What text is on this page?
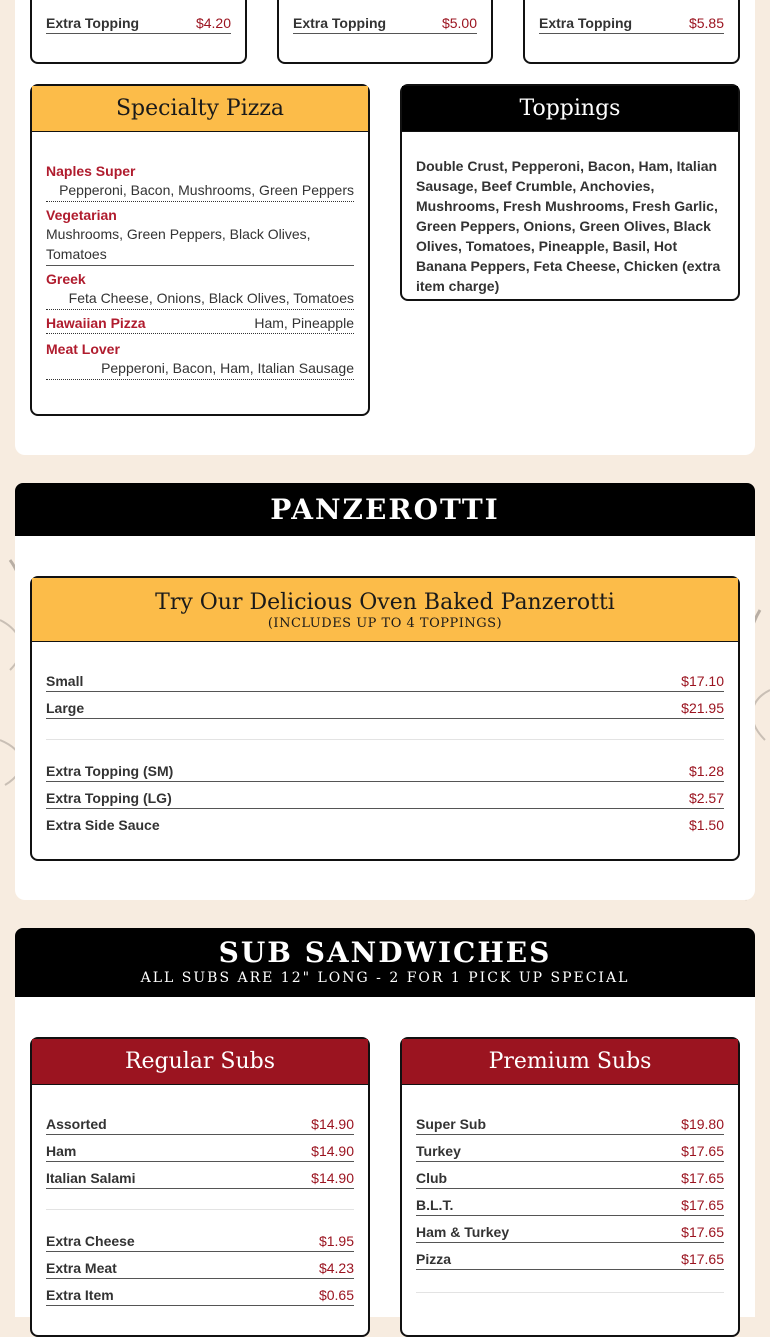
Extra Topping	$4.20	Extra Topping	$5.00	Extra Topping	$5.85
Specialty Pizza
Naples Super
Pepperoni, Bacon, Mushrooms, Green Peppers
Vegetarian
Mushrooms, Green Peppers, Black Olives, Tomatoes
Greek
Feta Cheese, Onions, Black Olives, Tomatoes
Hawaiian Pizza	Ham, Pineapple
Meat Lover
Pepperoni, Bacon, Ham, Italian Sausage
Toppings
Double Crust, Pepperoni, Bacon, Ham, Italian Sausage, Beef Crumble, Anchovies, Mushrooms, Fresh Mushrooms, Fresh Garlic, Green Peppers, Onions, Green Olives, Black Olives, Tomatoes, Pineapple, Basil, Hot Banana Peppers, Feta Cheese, Chicken (extra item charge)
PANZEROTTI
Try Our Delicious Oven Baked Panzerotti
(INCLUDES UP TO 4 TOPPINGS)
Small	$17.10
Large	$21.95
Extra Topping (SM)	$1.28
Extra Topping (LG)	$2.57
Extra Side Sauce	$1.50
SUB SANDWICHES
ALL SUBS ARE 12" LONG - 2 FOR 1 PICK UP SPECIAL
Regular Subs
Assorted	$14.90
Ham	$14.90
Italian Salami	$14.90
Extra Cheese	$1.95
Extra Meat	$4.23
Extra Item	$0.65
Premium Subs
Super Sub	$19.80
Turkey	$17.65
Club	$17.65
B.L.T.	$17.65
Ham & Turkey	$17.65
Pizza	$17.65
